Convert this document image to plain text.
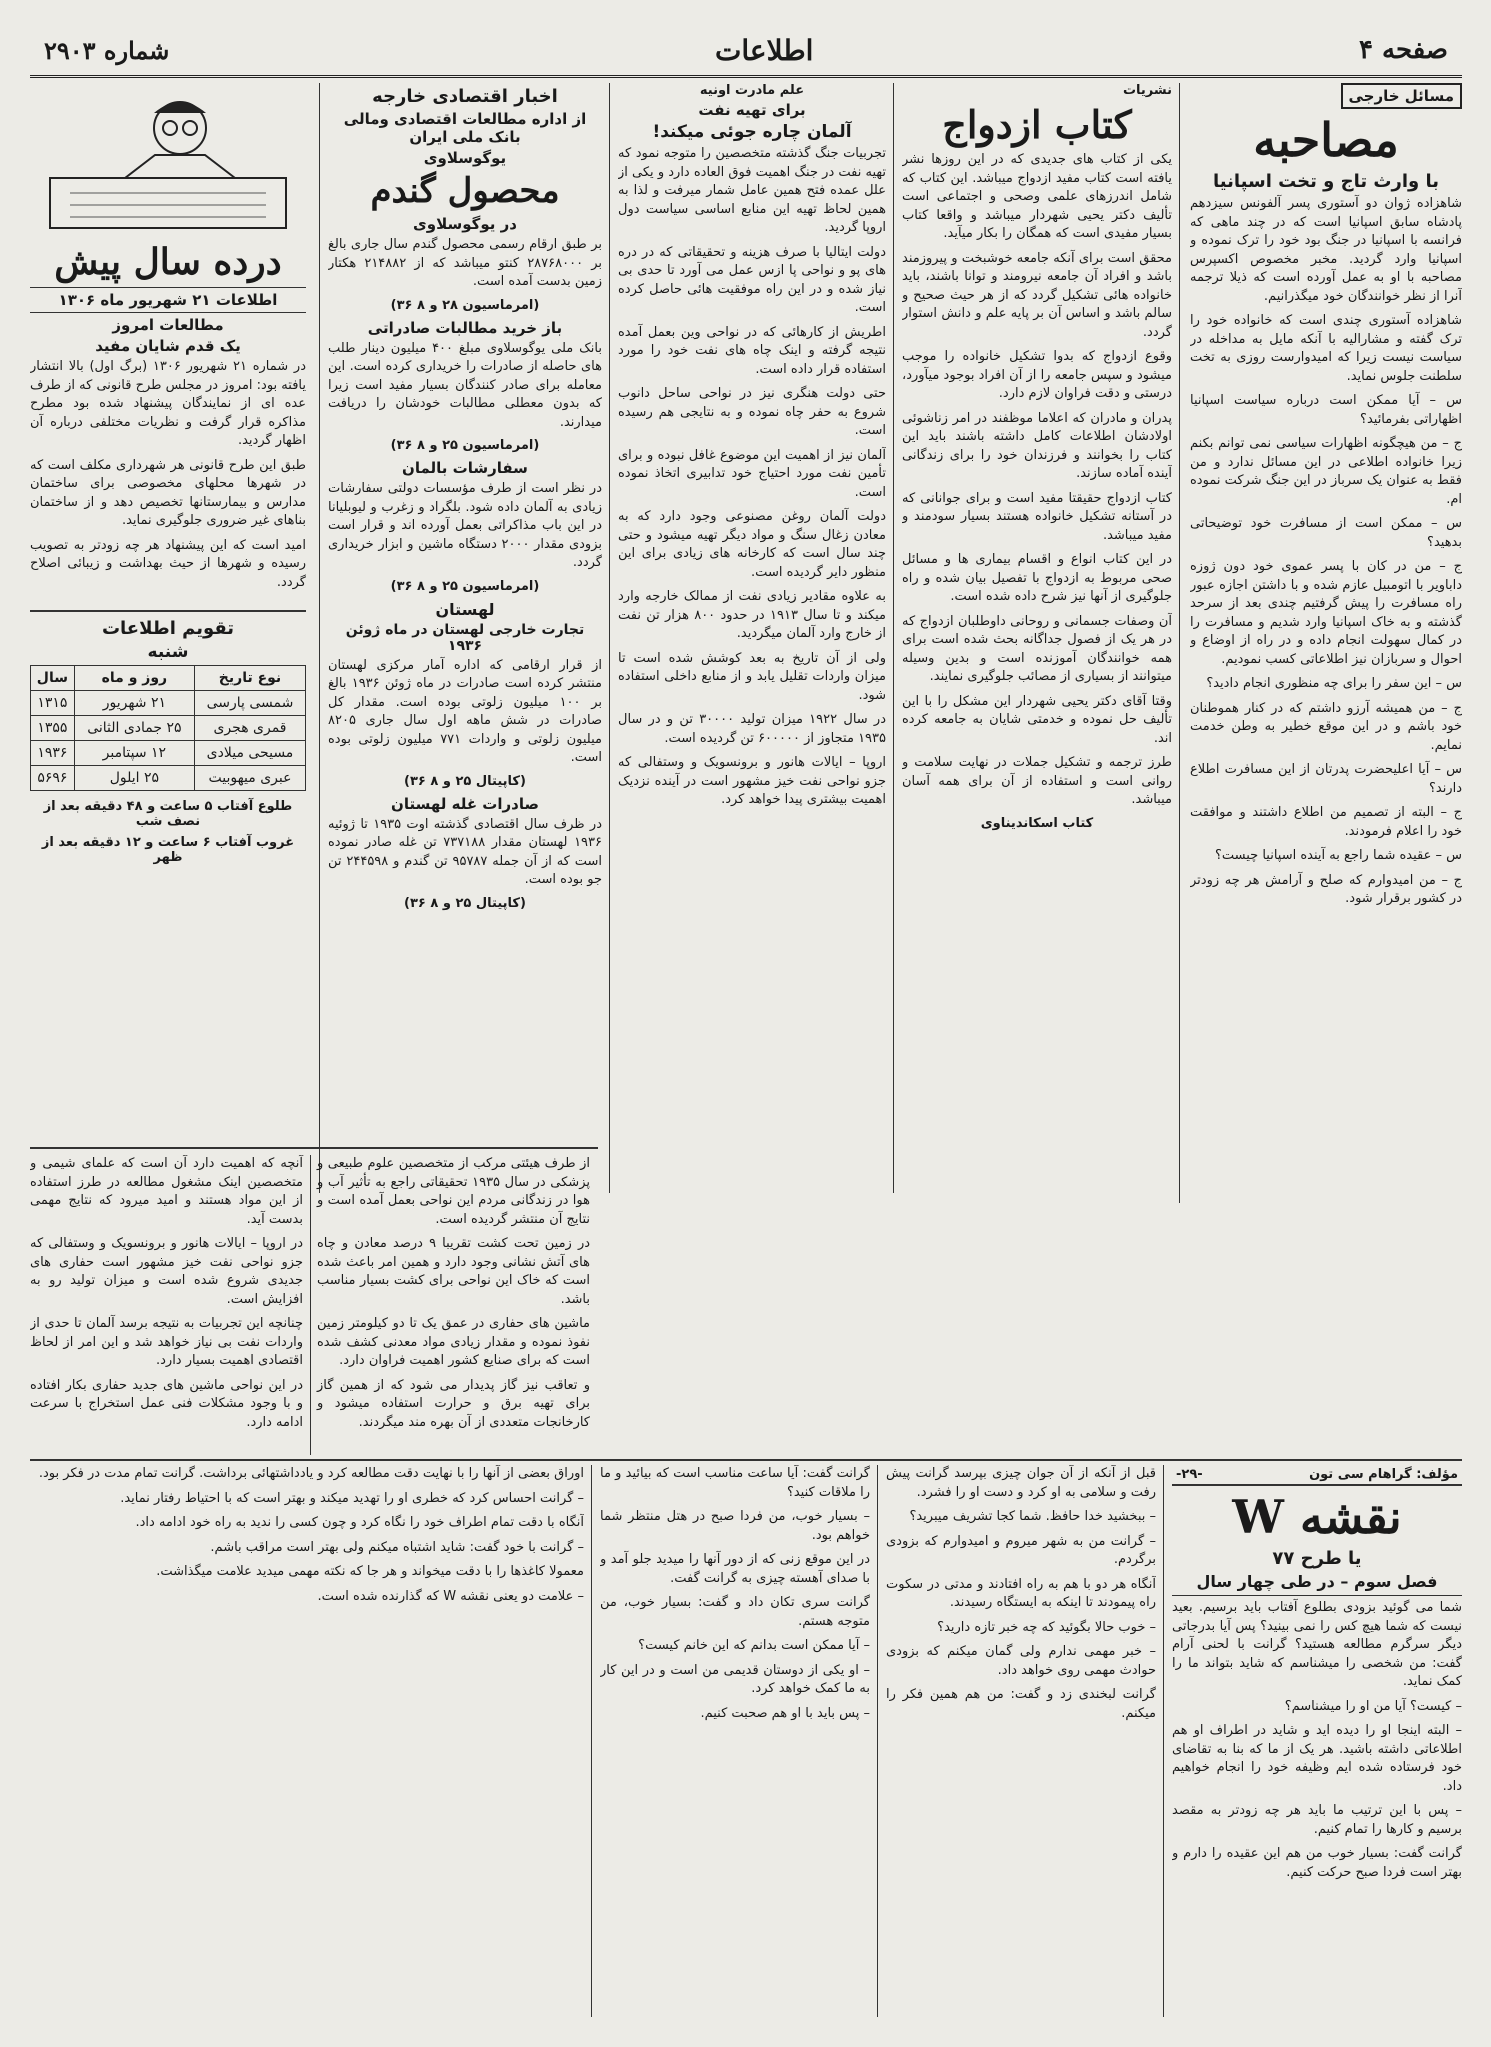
صفحه ۴
اطلاعات
شماره ۲۹۰۳
مسائل خارجی
مصاحبه
با وارث تاج و تخت اسپانیا

شاهزاده ژوان دو آستوری پسر آلفونس سیزدهم پادشاه سابق اسپانیا است که در چند ماهی که فرانسه با اسپانیا در جنگ بود خود را ترک نموده و اسپانیا وارد گردید. مخبر مخصوص اکسپرس مصاحبه با او به عمل آورده است که ذیلا ترجمه آنرا از نظر خوانندگان خود میگذرانیم.

شاهزاده آستوری چندی است که خانواده خود را ترک گفته و مشارالیه با آنکه مایل به مداخله در سیاست نیست زیرا که امیدوارست روزی به تخت سلطنت جلوس نماید.

س – آیا ممکن است درباره سیاست اسپانیا اظهاراتی بفرمائید؟

ج – من هیچگونه اظهارات سیاسی نمی توانم بکنم زیرا خانواده اطلاعی در این مسائل ندارد و من فقط به عنوان یک سرباز در این جنگ شرکت نموده ام.

س – ممکن است از مسافرت خود توضیحاتی بدهید؟

ج – من در کان با پسر عموی خود دون ژوزه داباویر با اتومبیل عازم شده و با داشتن اجازه عبور راه مسافرت را پیش گرفتیم چندی بعد از سرحد گذشته و به خاک اسپانیا وارد شدیم و مسافرت را در کمال سهولت انجام داده و در راه از اوضاع و احوال و سربازان نیز اطلاعاتی کسب نمودیم.

س – این سفر را برای چه منظوری انجام دادید؟

ج – من همیشه آرزو داشتم که در کنار هموطنان خود باشم و در این موقع خطیر به وطن خدمت نمایم.

س – آیا اعلیحضرت پدرتان از این مسافرت اطلاع دارند؟

ج – البته از تصمیم من اطلاع داشتند و موافقت خود را اعلام فرمودند.

س – عقیده شما راجع به آینده اسپانیا چیست؟

ج – من امیدوارم که صلح و آرامش هر چه زودتر در کشور برقرار شود.

نشریات
کتاب ازدواج

یکی از کتاب های جدیدی که در این روزها نشر یافته است کتاب مفید ازدواج میباشد. این کتاب که شامل اندرزهای علمی وصحی و اجتماعی است تألیف دکتر یحیی شهردار میباشد و واقعا کتاب بسیار مفیدی است که همگان را بکار میآید.

محقق است برای آنکه جامعه خوشبخت و پیروزمند باشد و افراد آن جامعه نیرومند و توانا باشند، باید خانواده هائی تشکیل گردد که از هر حیث صحیح و سالم باشد و اساس آن بر پایه علم و دانش استوار گردد.

وقوع ازدواج که بدوا تشکیل خانواده را موجب میشود و سپس جامعه را از آن افراد بوجود میآورد، درستی و دقت فراوان لازم دارد.

پدران و مادران که اعلاما موظفند در امر زناشوئی اولادشان اطلاعات کامل داشته باشند باید این کتاب را بخوانند و فرزندان خود را برای زندگانی آینده آماده سازند.

کتاب ازدواج حقیقتا مفید است و برای جوانانی که در آستانه تشکیل خانواده هستند بسیار سودمند و مفید میباشد.

در این کتاب انواع و اقسام بیماری ها و مسائل صحی مربوط به ازدواج با تفصیل بیان شده و راه جلوگیری از آنها نیز شرح داده شده است.

آن وصفات جسمانی و روحانی داوطلبان ازدواج که در هر یک از فصول جداگانه بحث شده است برای همه خوانندگان آموزنده است و بدین وسیله میتوانند از بسیاری از مصائب جلوگیری نمایند.

وقتا آقای دکتر یحیی شهردار این مشکل را با این تألیف حل نموده و خدمتی شایان به جامعه کرده اند.

طرز ترجمه و تشکیل جملات در نهایت سلامت و روانی است و استفاده از آن برای همه آسان میباشد.

کتاب اسکاندیناوی
علم مادرت اونیه
برای تهیه نفت
آلمان چاره جوئی میکند!

تجربیات جنگ گذشته متخصصین را متوجه نمود که تهیه نفت در جنگ اهمیت فوق العاده دارد و یکی از علل عمده فتح همین عامل شمار میرفت و لذا به همین لحاظ تهیه این منابع اساسی سیاست دول اروپا گردید.

دولت ایتالیا با صرف هزینه و تحقیقاتی که در دره های پو و نواحی پا ازس عمل می آورد تا حدی بی نیاز شده و در این راه موفقیت هائی حاصل کرده است.

اطریش از کارهائی که در نواحی وین بعمل آمده نتیجه گرفته و اینک چاه های نفت خود را مورد استفاده قرار داده است.

حتی دولت هنگری نیز در نواحی ساحل دانوب شروع به حفر چاه نموده و به نتایجی هم رسیده است.

آلمان نیز از اهمیت این موضوع غافل نبوده و برای تأمین نفت مورد احتیاج خود تدابیری اتخاذ نموده است.

دولت آلمان روغن مصنوعی وجود دارد که به معادن زغال سنگ و مواد دیگر تهیه میشود و حتی چند سال است که کارخانه های زیادی برای این منظور دایر گردیده است.

به علاوه مقادیر زیادی نفت از ممالک خارجه وارد میکند و تا سال ۱۹۱۳ در حدود ۸۰۰ هزار تن نفت از خارج وارد آلمان میگردید.

ولی از آن تاریخ به بعد کوشش شده است تا میزان واردات تقلیل یابد و از منابع داخلی استفاده شود.

در سال ۱۹۲۲ میزان تولید ۳۰۰۰۰ تن و در سال ۱۹۳۵ متجاوز از ۶۰۰۰۰۰ تن گردیده است.

اروپا – ایالات هانور و برونسویک و وستفالی که جزو نواحی نفت خیز مشهور است در آینده نزدیک اهمیت بیشتری پیدا خواهد کرد.

اخبار اقتصادی خارجه
از اداره مطالعات اقتصادی ومالی بانک ملی ایران
یوگوسلاوی
محصول گندم
در یوگوسلاوی

بر طبق ارقام رسمی محصول گندم سال جاری بالغ بر ۲۸۷۶۸۰۰۰ کنتو میباشد که از ۲۱۴۸۸۲ هکتار زمین بدست آمده است.

(امرماسیون ۲۸ و ۸ ۳۶)
باز خرید مطالبات صادراتی

بانک ملی یوگوسلاوی مبلغ ۴۰۰ میلیون دینار طلب های حاصله از صادرات را خریداری کرده است. این معامله برای صادر کنندگان بسیار مفید است زیرا که بدون معطلی مطالبات خودشان را دریافت میدارند.

(امرماسیون ۲۵ و ۸ ۳۶)
سفارشات بالمان

در نظر است از طرف مؤسسات دولتی سفارشات زیادی به آلمان داده شود. بلگراد و زغرب و لیوبلیانا در این باب مذاکراتی بعمل آورده اند و قرار است بزودی مقدار ۲۰۰۰ دستگاه ماشین و ابزار خریداری گردد.

(امرماسیون ۲۵ و ۸ ۳۶)
لهستان
تجارت خارجی لهستان در ماه ژوئن ۱۹۳۶

از قرار ارقامی که اداره آمار مرکزی لهستان منتشر کرده است صادرات در ماه ژوئن ۱۹۳۶ بالغ بر ۱۰۰ میلیون زلوتی بوده است. مقدار کل صادرات در شش ماهه اول سال جاری ۸۲۰۵ میلیون زلوتی و واردات ۷۷۱ میلیون زلوتی بوده است.

(کاپیتال ۲۵ و ۸ ۳۶)
صادرات غله لهستان

در ظرف سال اقتصادی گذشته اوت ۱۹۳۵ تا ژوئیه ۱۹۳۶ لهستان مقدار ۷۳۷۱۸۸ تن غله صادر نموده است که از آن جمله ۹۵۷۸۷ تن گندم و ۲۴۴۵۹۸ تن جو بوده است.

(کاپیتال ۲۵ و ۸ ۳۶)
درده سال پیش
اطلاعات ۲۱ شهریور ماه ۱۳۰۶
مطالعات امروز
یک قدم شایان مفید

در شماره ۲۱ شهریور ۱۳۰۶ (برگ اول) بالا انتشار یافته بود: امروز در مجلس طرح قانونی که از طرف عده ای از نمایندگان پیشنهاد شده بود مطرح مذاکره قرار گرفت و نظریات مختلفی درباره آن اظهار گردید.

طبق این طرح قانونی هر شهرداری مکلف است که در شهرها محلهای مخصوصی برای ساختمان مدارس و بیمارستانها تخصیص دهد و از ساختمان بناهای غیر ضروری جلوگیری نماید.

امید است که این پیشنهاد هر چه زودتر به تصویب رسیده و شهرها از حیث بهداشت و زیبائی اصلاح گردد.

تقویم اطلاعات
شنبه
نوع تاریخ	روز و ماه	سال
شمسی پارسی	۲۱ شهریور	۱۳۱۵
قمری هجری	۲۵ جمادی الثانی	۱۳۵۵
مسیحی میلادی	۱۲ سپتامبر	۱۹۳۶
عبری میهوبیت	۲۵ ایلول	۵۶۹۶
طلوع آفتاب ۵ ساعت و ۴۸ دقیقه بعد از نصف شب
غروب آفتاب ۶ ساعت و ۱۲ دقیقه بعد از ظهر

از طرف هیئتی مرکب از متخصصین علوم طبیعی و پزشکی در سال ۱۹۳۵ تحقیقاتی راجع به تأثیر آب و هوا در زندگانی مردم این نواحی بعمل آمده است و نتایج آن منتشر گردیده است.

در زمین تحت کشت تقریبا ۹ درصد معادن و چاه های آتش نشانی وجود دارد و همین امر باعث شده است که خاک این نواحی برای کشت بسیار مناسب باشد.

ماشین های حفاری در عمق یک تا دو کیلومتر زمین نفوذ نموده و مقدار زیادی مواد معدنی کشف شده است که برای صنایع کشور اهمیت فراوان دارد.

و تعاقب نیز گاز پدیدار می شود که از همین گاز برای تهیه برق و حرارت استفاده میشود و کارخانجات متعددی از آن بهره مند میگردند.

آنچه که اهمیت دارد آن است که علمای شیمی و متخصصین اینک مشغول مطالعه در طرز استفاده از این مواد هستند و امید میرود که نتایج مهمی بدست آید.

در اروپا – ایالات هانور و برونسویک و وستفالی که جزو نواحی نفت خیز مشهور است حفاری های جدیدی شروع شده است و میزان تولید رو به افزایش است.

چنانچه این تجربیات به نتیجه برسد آلمان تا حدی از واردات نفت بی نیاز خواهد شد و این امر از لحاظ اقتصادی اهمیت بسیار دارد.

در این نواحی ماشین های جدید حفاری بکار افتاده و با وجود مشکلات فنی عمل استخراج با سرعت ادامه دارد.

مؤلف: گراهام سی تون
-۲۹-
نقشه W
یا طرح ۷۷
فصل سوم – در طی چهار سال

شما می گوئید بزودی بطلوع آفتاب باید برسیم. بعید نیست که شما هیچ کس را نمی بینید؟ پس آیا بدرجاتی دیگر سرگرم مطالعه هستید؟ گرانت با لحنی آرام گفت: من شخصی را میشناسم که شاید بتواند ما را کمک نماید.

– کیست؟ آیا من او را میشناسم؟

– البته اینجا او را دیده اید و شاید در اطراف او هم اطلاعاتی داشته باشید. هر یک از ما که بنا به تقاضای خود فرستاده شده ایم وظیفه خود را انجام خواهیم داد.

– پس با این ترتیب ما باید هر چه زودتر به مقصد برسیم و کارها را تمام کنیم.

گرانت گفت: بسیار خوب من هم این عقیده را دارم و بهتر است فردا صبح حرکت کنیم.

قبل از آنکه از آن جوان چیزی بپرسد گرانت پیش رفت و سلامی به او کرد و دست او را فشرد.

– ببخشید خدا حافظ. شما کجا تشریف میبرید؟

– گرانت من به شهر میروم و امیدوارم که بزودی برگردم.

آنگاه هر دو با هم به راه افتادند و مدتی در سکوت راه پیمودند تا اینکه به ایستگاه رسیدند.

– خوب حالا بگوئید که چه خبر تازه دارید؟

– خبر مهمی ندارم ولی گمان میکنم که بزودی حوادث مهمی روی خواهد داد.

گرانت لبخندی زد و گفت: من هم همین فکر را میکنم.

گرانت گفت: آیا ساعت مناسب است که بیائید و ما را ملاقات کنید؟

– بسیار خوب، من فردا صبح در هتل منتظر شما خواهم بود.

در این موقع زنی که از دور آنها را میدید جلو آمد و با صدای آهسته چیزی به گرانت گفت.

گرانت سری تکان داد و گفت: بسیار خوب، من متوجه هستم.

– آیا ممکن است بدانم که این خانم کیست؟

– او یکی از دوستان قدیمی من است و در این کار به ما کمک خواهد کرد.

– پس باید با او هم صحبت کنیم.

اوراق بعضی از آنها را با نهایت دقت مطالعه کرد و یادداشتهائی برداشت. گرانت تمام مدت در فکر بود.

– گرانت احساس کرد که خطری او را تهدید میکند و بهتر است که با احتیاط رفتار نماید.

آنگاه با دقت تمام اطراف خود را نگاه کرد و چون کسی را ندید به راه خود ادامه داد.

– گرانت با خود گفت: شاید اشتباه میکنم ولی بهتر است مراقب باشم.

معمولا کاغذها را با دقت میخواند و هر جا که نکته مهمی میدید علامت میگذاشت.

– علامت دو یعنی نقشه W که گذارنده شده است.
